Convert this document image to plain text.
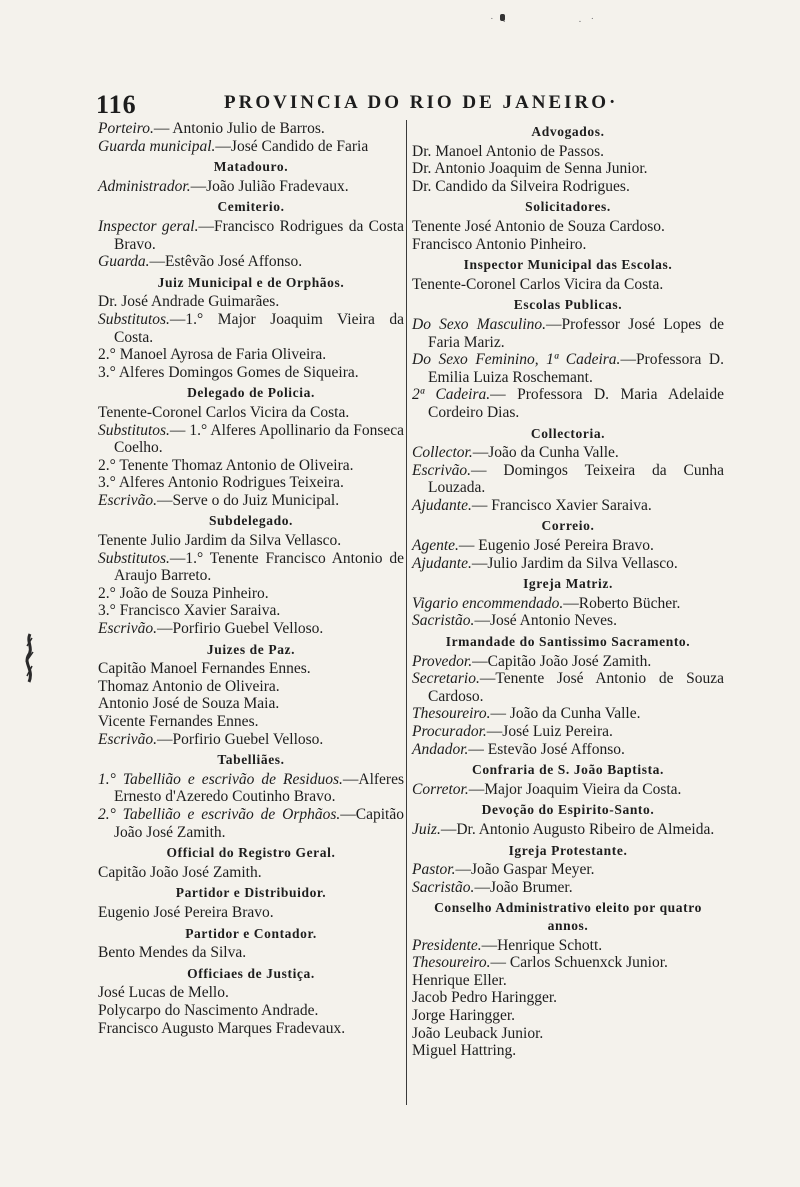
˙ ·            · ˙
116	PROVINCIA DO RIO DE JANEIRO·
Porteiro.— Antonio Julio de Barros.
Guarda municipal.—José Candido de Faria
Matadouro.
Administrador.—João Julião Fradevaux.
Cemiterio.
Inspector geral.—Francisco Rodrigues da Costa Bravo.
Guarda.—Estêvão José Affonso.
Juiz Municipal e de Orphãos.
Dr. José Andrade Guimarães.
Substitutos.—1.° Major Joaquim Vieira da Costa.
2.° Manoel Ayrosa de Faria Oliveira.
3.° Alferes Domingos Gomes de Siqueira.
Delegado de Policia.
Tenente-Coronel Carlos Vicira da Costa.
Substitutos.— 1.° Alferes Apollinario da Fonseca Coelho.
2.° Tenente Thomaz Antonio de Oliveira.
3.° Alferes Antonio Rodrigues Teixeira.
Escrivão.—Serve o do Juiz Municipal.
Subdelegado.
Tenente Julio Jardim da Silva Vellasco.
Substitutos.—1.° Tenente Francisco Antonio de Araujo Barreto.
2.° João de Souza Pinheiro.
3.° Francisco Xavier Saraiva.
Escrivão.—Porfirio Guebel Velloso.
Juizes de Paz.
Capitão Manoel Fernandes Ennes.
Thomaz Antonio de Oliveira.
Antonio José de Souza Maia.
Vicente Fernandes Ennes.
Escrivão.—Porfirio Guebel Velloso.
Tabelliães.
1.° Tabellião e escrivão de Residuos.—Alferes Ernesto d'Azeredo Coutinho Bravo.
2.° Tabellião e escrivão de Orphãos.—Capitão João José Zamith.
Official do Registro Geral.
Capitão João José Zamith.
Partidor e Distribuidor.
Eugenio José Pereira Bravo.
Partidor e Contador.
Bento Mendes da Silva.
Officiaes de Justiça.
José Lucas de Mello.
Polycarpo do Nascimento Andrade.
Francisco Augusto Marques Fradevaux.
Advogados.
Dr. Manoel Antonio de Passos.
Dr. Antonio Joaquim de Senna Junior.
Dr. Candido da Silveira Rodrigues.
Solicitadores.
Tenente José Antonio de Souza Cardoso.
Francisco Antonio Pinheiro.
Inspector Municipal das Escolas.
Tenente-Coronel Carlos Vicira da Costa.
Escolas Publicas.
Do Sexo Masculino.—Professor José Lopes de Faria Mariz.
Do Sexo Feminino, 1ª Cadeira.—Professora D. Emilia Luiza Roschemant.
2ª Cadeira.— Professora D. Maria Adelaide Cordeiro Dias.
Collectoria.
Collector.—João da Cunha Valle.
Escrivão.— Domingos Teixeira da Cunha Louzada.
Ajudante.— Francisco Xavier Saraiva.
Correio.
Agente.— Eugenio José Pereira Bravo.
Ajudante.—Julio Jardim da Silva Vellasco.
Igreja Matriz.
Vigario encommendado.—Roberto Bücher.
Sacristão.—José Antonio Neves.
Irmandade do Santissimo Sacramento.
Provedor.—Capitão João José Zamith.
Secretario.—Tenente José Antonio de Souza Cardoso.
Thesoureiro.— João da Cunha Valle.
Procurador.—José Luiz Pereira.
Andador.— Estevão José Affonso.
Confraria de S. João Baptista.
Corretor.—Major Joaquim Vieira da Costa.
Devoção do Espirito-Santo.
Juiz.—Dr. Antonio Augusto Ribeiro de Almeida.
Igreja Protestante.
Pastor.—João Gaspar Meyer.
Sacristão.—João Brumer.
Conselho Administrativo eleito por quatro annos.
Presidente.—Henrique Schott.
Thesoureiro.— Carlos Schuenxck Junior.
Henrique Eller.
Jacob Pedro Haringger.
Jorge Haringger.
João Leuback Junior.
Miguel Hattring.
